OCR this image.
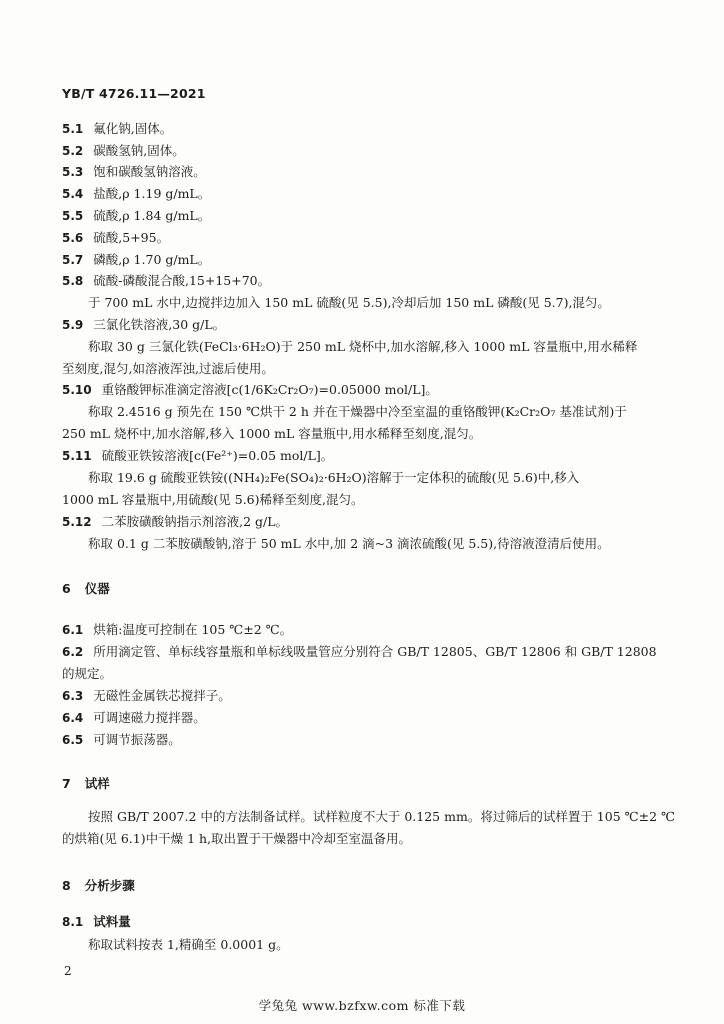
YB/T 4726.11—2021
5.1 氟化钠,固体。
5.2 碳酸氢钠,固体。
5.3 饱和碳酸氢钠溶液。
5.4 盐酸,ρ 1.19 g/mL。
5.5 硫酸,ρ 1.84 g/mL。
5.6 硫酸,5+95。
5.7 磷酸,ρ 1.70 g/mL。
5.8 硫酸-磷酸混合酸,15+15+70。
于 700 mL 水中,边搅拌边加入 150 mL 硫酸(见 5.5),冷却后加 150 mL 磷酸(见 5.7),混匀。
5.9 三氯化铁溶液,30 g/L。
称取 30 g 三氯化铁(FeCl₃·6H₂O)于 250 mL 烧杯中,加水溶解,移入 1000 mL 容量瓶中,用水稀释
至刻度,混匀,如溶液浑浊,过滤后使用。
5.10 重铬酸钾标准滴定溶液[c(1/6K₂Cr₂O₇)=0.05000 mol/L]。
称取 2.4516 g 预先在 150 ℃烘干 2 h 并在干燥器中冷至室温的重铬酸钾(K₂Cr₂O₇ 基准试剂)于
250 mL 烧杯中,加水溶解,移入 1000 mL 容量瓶中,用水稀释至刻度,混匀。
5.11 硫酸亚铁铵溶液[c(Fe²⁺)=0.05 mol/L]。
称取 19.6 g 硫酸亚铁铵((NH₄)₂Fe(SO₄)₂·6H₂O)溶解于一定体积的硫酸(见 5.6)中,移入
1000 mL 容量瓶中,用硫酸(见 5.6)稀释至刻度,混匀。
5.12 二苯胺磺酸钠指示剂溶液,2 g/L。
称取 0.1 g 二苯胺磺酸钠,溶于 50 mL 水中,加 2 滴~3 滴浓硫酸(见 5.5),待溶液澄清后使用。
6 仪器
6.1 烘箱:温度可控制在 105 ℃±2 ℃。
6.2 所用滴定管、单标线容量瓶和单标线吸量管应分别符合 GB/T 12805、GB/T 12806 和 GB/T 12808
的规定。
6.3 无磁性金属铁芯搅拌子。
6.4 可调速磁力搅拌器。
6.5 可调节振荡器。
7 试样
按照 GB/T 2007.2 中的方法制备试样。试样粒度不大于 0.125 mm。将过筛后的试样置于 105 ℃±2 ℃
的烘箱(见 6.1)中干燥 1 h,取出置于干燥器中冷却至室温备用。
8 分析步骤
8.1 试料量
称取试料按表 1,精确至 0.0001 g。
2
学兔兔 www.bzfxw.com 标准下载
